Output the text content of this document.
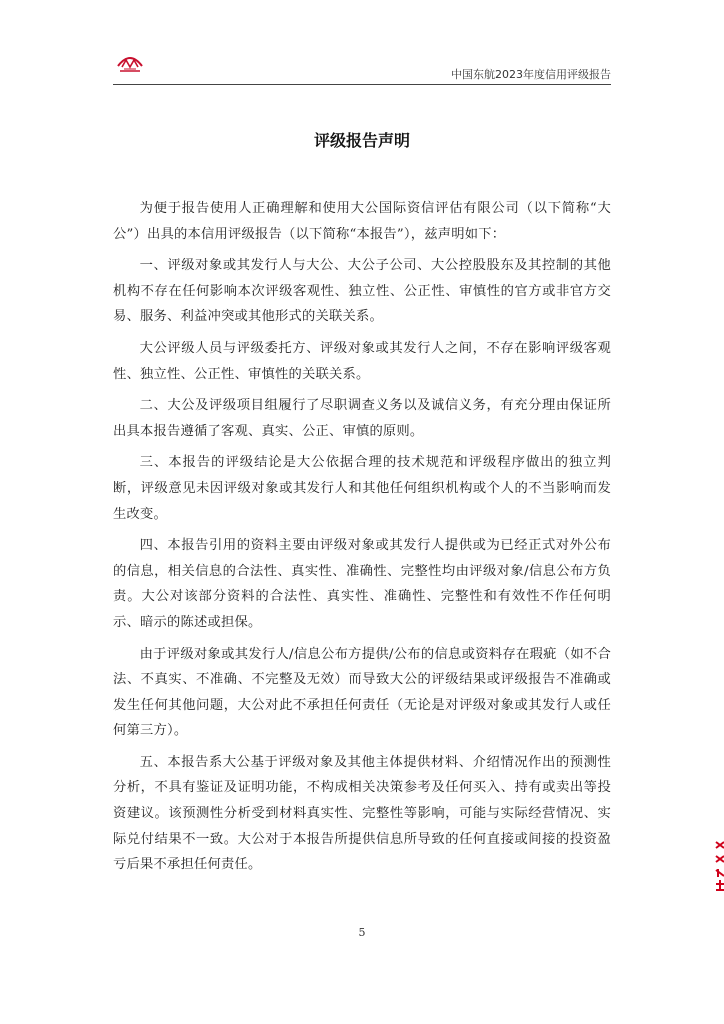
中国东航2023年度信用评级报告
评级报告声明

为便于报告使用人正确理解和使用大公国际资信评估有限公司（以下简称“大公”）出具的本信用评级报告（以下简称“本报告”），兹声明如下：

一、评级对象或其发行人与大公、大公子公司、大公控股股东及其控制的其他机构不存在任何影响本次评级客观性、独立性、公正性、审慎性的官方或非官方交易、服务、利益冲突或其他形式的关联关系。

大公评级人员与评级委托方、评级对象或其发行人之间，不存在影响评级客观性、独立性、公正性、审慎性的关联关系。

二、大公及评级项目组履行了尽职调查义务以及诚信义务，有充分理由保证所出具本报告遵循了客观、真实、公正、审慎的原则。

三、本报告的评级结论是大公依据合理的技术规范和评级程序做出的独立判断，评级意见未因评级对象或其发行人和其他任何组织机构或个人的不当影响而发生改变。

四、本报告引用的资料主要由评级对象或其发行人提供或为已经正式对外公布的信息，相关信息的合法性、真实性、准确性、完整性均由评级对象/信息公布方负责。大公对该部分资料的合法性、真实性、准确性、完整性和有效性不作任何明示、暗示的陈述或担保。

由于评级对象或其发行人/信息公布方提供/公布的信息或资料存在瑕疵（如不合法、不真实、不准确、不完整及无效）而导致大公的评级结果或评级报告不准确或发生任何其他问题，大公对此不承担任何责任（无论是对评级对象或其发行人或任何第三方）。

五、本报告系大公基于评级对象及其他主体提供材料、介绍情况作出的预测性分析，不具有鉴证及证明功能，不构成相关决策参考及任何买入、持有或卖出等投资建议。该预测性分析受到材料真实性、完整性等影响，可能与实际经营情况、实际兑付结果不一致。大公对于本报告所提供信息所导致的任何直接或间接的投资盈亏后果不承担任何责任。

5
